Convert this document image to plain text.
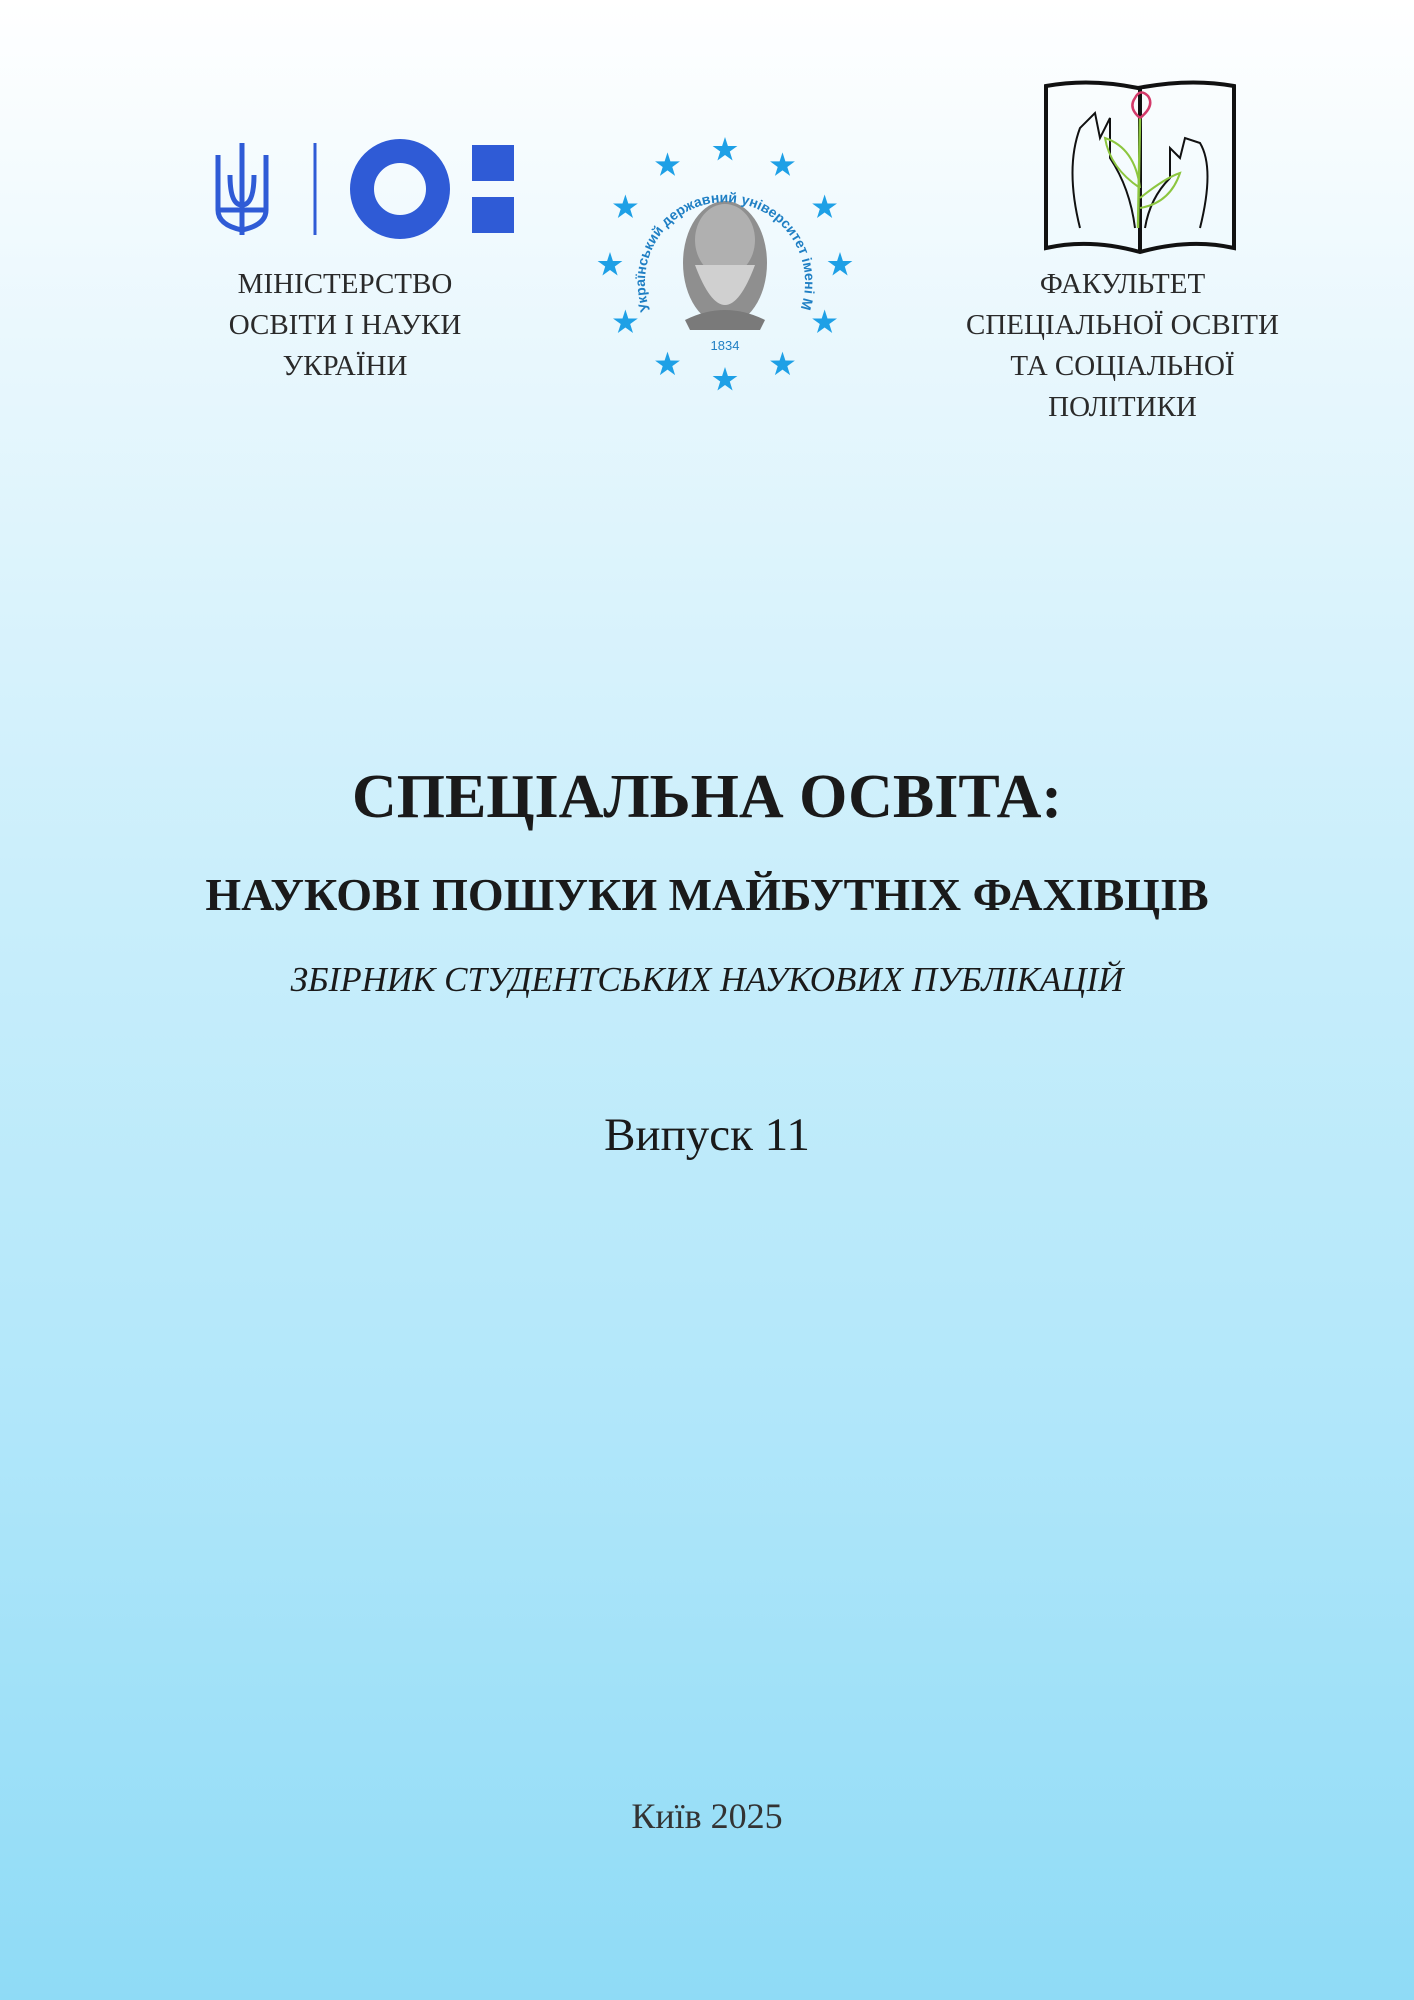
МІНІСТЕРСТВО
ОСВІТИ І НАУКИ
УКРАЇНИ
Український державний університет імені М
1834
ФАКУЛЬТЕТ
СПЕЦІАЛЬНОЇ ОСВІТИ
ТА СОЦІАЛЬНОЇ
ПОЛІТИКИ
СПЕЦІАЛЬНА ОСВІТА:
НАУКОВІ ПОШУКИ МАЙБУТНІХ ФАХІВЦІВ
ЗБІРНИК СТУДЕНТСЬКИХ НАУКОВИХ ПУБЛІКАЦІЙ
Випуск 11
Київ 2025
